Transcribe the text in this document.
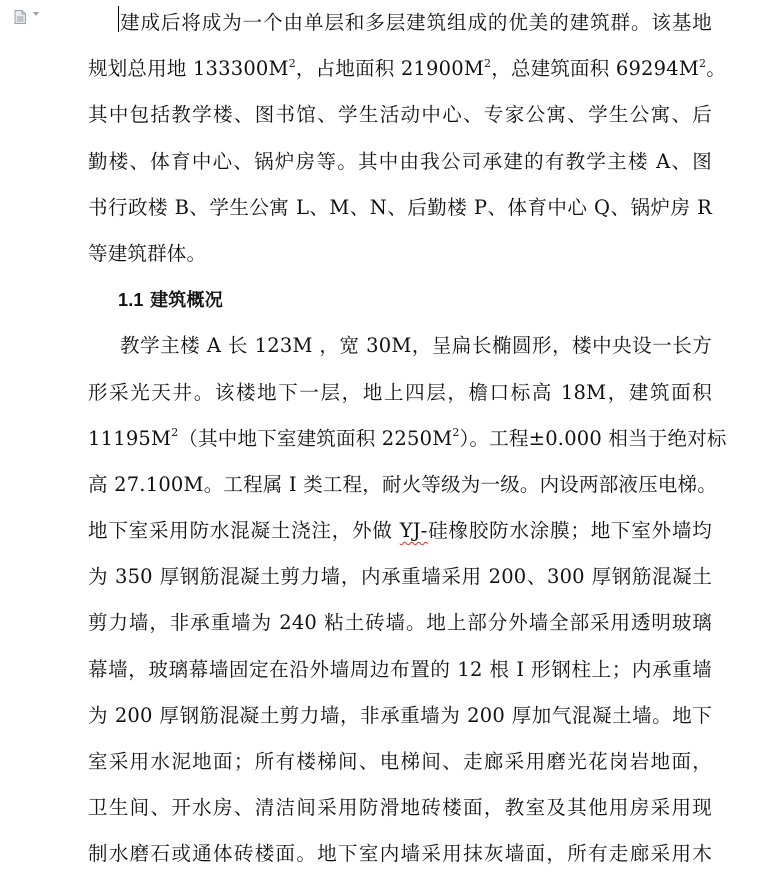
建成后将成为一个由单层和多层建筑组成的优美的建筑群。该基地
规划总用地 $133300M^2$，占地面积 $21900M^2$，总建筑面积 $69294M^2$。
其中包括教学楼、图书馆、学生活动中心、专家公寓、学生公寓、后
勤楼、体育中心、锅炉房等。其中由我公司承建的有教学主楼 A、图
书行政楼 B、学生公寓 L、M、N、后勤楼 P、体育中心 Q、锅炉房 R
等建筑群体。
1.1 建筑概况
教学主楼 A 长 123M ，宽 30M，呈扁长椭圆形，楼中央设一长方
形采光天井。该楼地下一层，地上四层，檐口标高 18M，建筑面积
$11195M^2$（其中地下室建筑面积 $2250M^2$）。工程±0.000 相当于绝对标
高 27.100M。工程属 I 类工程，耐火等级为一级。内设两部液压电梯。
地下室采用防水混凝土浇注，外做 YJ-硅橡胶防水涂膜；地下室外墙均
为 350 厚钢筋混凝土剪力墙，内承重墙采用 200、300 厚钢筋混凝土
剪力墙，非承重墙为 240 粘土砖墙。地上部分外墙全部采用透明玻璃
幕墙，玻璃幕墙固定在沿外墙周边布置的 12 根 I 形钢柱上；内承重墙
为 200 厚钢筋混凝土剪力墙，非承重墙为 200 厚加气混凝土墙。地下
室采用水泥地面；所有楼梯间、电梯间、走廊采用磨光花岗岩地面，
卫生间、开水房、清洁间采用防滑地砖楼面，教室及其他用房采用现
制水磨石或通体砖楼面。地下室内墙采用抹灰墙面，所有走廊采用木
